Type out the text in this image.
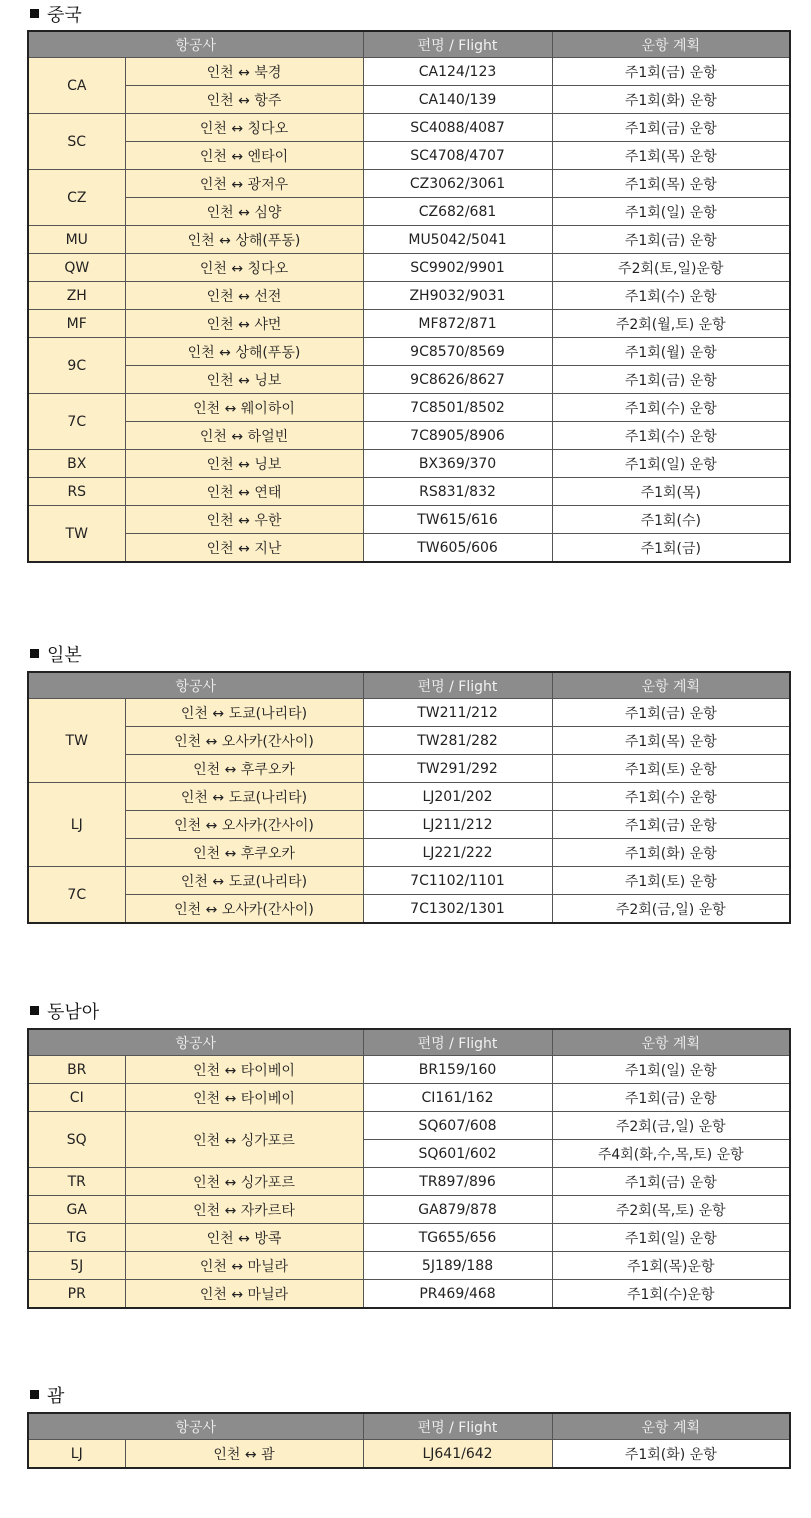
중국
항공사		편명 / Flight	운항 계획
CA	인천 ↔ 북경	CA124/123	주1회(금) 운항
	인천 ↔ 항주	CA140/139	주1회(화) 운항
SC	인천 ↔ 칭다오	SC4088/4087	주1회(금) 운항
	인천 ↔ 엔타이	SC4708/4707	주1회(목) 운항
CZ	인천 ↔ 광저우	CZ3062/3061	주1회(목) 운항
	인천 ↔ 심양	CZ682/681	주1회(일) 운항
MU	인천 ↔ 상해(푸동)	MU5042/5041	주1회(금) 운항
QW	인천 ↔ 칭다오	SC9902/9901	주2회(토,일)운항
ZH	인천 ↔ 선전	ZH9032/9031	주1회(수) 운항
MF	인천 ↔ 샤먼	MF872/871	주2회(월,토) 운항
9C	인천 ↔ 상해(푸동)	9C8570/8569	주1회(월) 운항
	인천 ↔ 닝보	9C8626/8627	주1회(금) 운항
7C	인천 ↔ 웨이하이	7C8501/8502	주1회(수) 운항
	인천 ↔ 하얼빈	7C8905/8906	주1회(수) 운항
BX	인천 ↔ 닝보	BX369/370	주1회(일) 운항
RS	인천 ↔ 연태	RS831/832	주1회(목)
TW	인천 ↔ 우한	TW615/616	주1회(수)
	인천 ↔ 지난	TW605/606	주1회(금)
일본
항공사		편명 / Flight	운항 계획
TW	인천 ↔ 도쿄(나리타)	TW211/212	주1회(금) 운항
	인천 ↔ 오사카(간사이)	TW281/282	주1회(목) 운항
	인천 ↔ 후쿠오카	TW291/292	주1회(토) 운항
LJ	인천 ↔ 도쿄(나리타)	LJ201/202	주1회(수) 운항
	인천 ↔ 오사카(간사이)	LJ211/212	주1회(금) 운항
	인천 ↔ 후쿠오카	LJ221/222	주1회(화) 운항
7C	인천 ↔ 도쿄(나리타)	7C1102/1101	주1회(토) 운항
	인천 ↔ 오사카(간사이)	7C1302/1301	주2회(금,일) 운항
동남아
항공사		편명 / Flight	운항 계획
BR	인천 ↔ 타이베이	BR159/160	주1회(일) 운항
CI	인천 ↔ 타이베이	CI161/162	주1회(금) 운항
SQ	인천 ↔ 싱가포르	SQ607/608	주2회(금,일) 운항
		SQ601/602	주4회(화,수,목,토) 운항
TR	인천 ↔ 싱가포르	TR897/896	주1회(금) 운항
GA	인천 ↔ 자카르타	GA879/878	주2회(목,토) 운항
TG	인천 ↔ 방콕	TG655/656	주1회(일) 운항
5J	인천 ↔ 마닐라	5J189/188	주1회(목)운항
PR	인천 ↔ 마닐라	PR469/468	주1회(수)운항
괌
항공사		편명 / Flight	운항 계획
LJ	인천 ↔ 괌	LJ641/642	주1회(화) 운항
